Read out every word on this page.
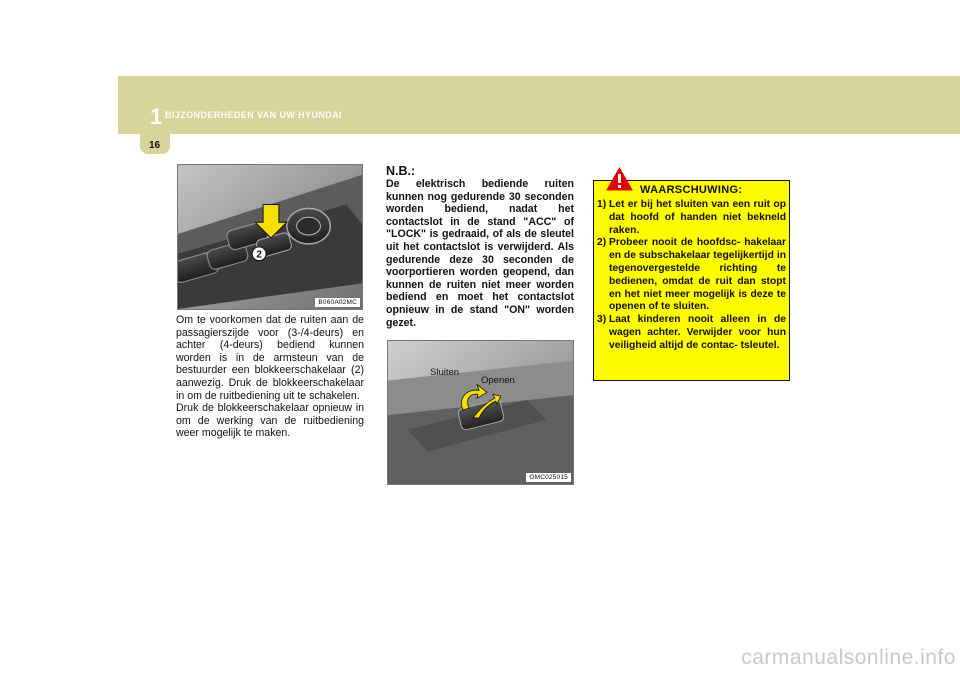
1 BIJZONDERHEDEN VAN UW HYUNDAI
16
2
B060A02MC

Om te voorkomen dat de ruiten aan de passagierszijde voor (3-/4-deurs) en achter (4-deurs) bediend kunnen worden is in de armsteun van de bestuurder een blokkeerschakelaar (2) aanwezig. Druk de blokkeerschakelaar in om de ruitbediening uit te schakelen.

Druk de blokkeerschakelaar opnieuw in om de werking van de ruitbediening weer mogelijk te maken.

N.B.:
De elektrisch bediende ruiten kunnen nog gedurende 30 seconden worden bediend, nadat het contactslot in de stand "ACC" of "LOCK" is gedraaid, of als de sleutel uit het contactslot is verwijderd. Als gedurende deze 30 seconden de voorportieren worden geopend, dan kunnen de ruiten niet meer worden bediend en moet het contactslot opnieuw in de stand "ON" worden gezet.
OMC025015
Sluiten
Openen
WAARSCHUWING:
1) Let er bij het sluiten van een ruit op dat hoofd of handen niet bekneld raken.
2) Probeer nooit de hoofdsc- hakelaar en de subschakelaar tegelijkertijd in tegenovergestelde richting te bedienen, omdat de ruit dan stopt en het niet meer mogelijk is deze te openen of te sluiten.
3) Laat kinderen nooit alleen in de wagen achter. Verwijder voor hun veiligheid altijd de contac- tsleutel.
carmanualsonline.info
